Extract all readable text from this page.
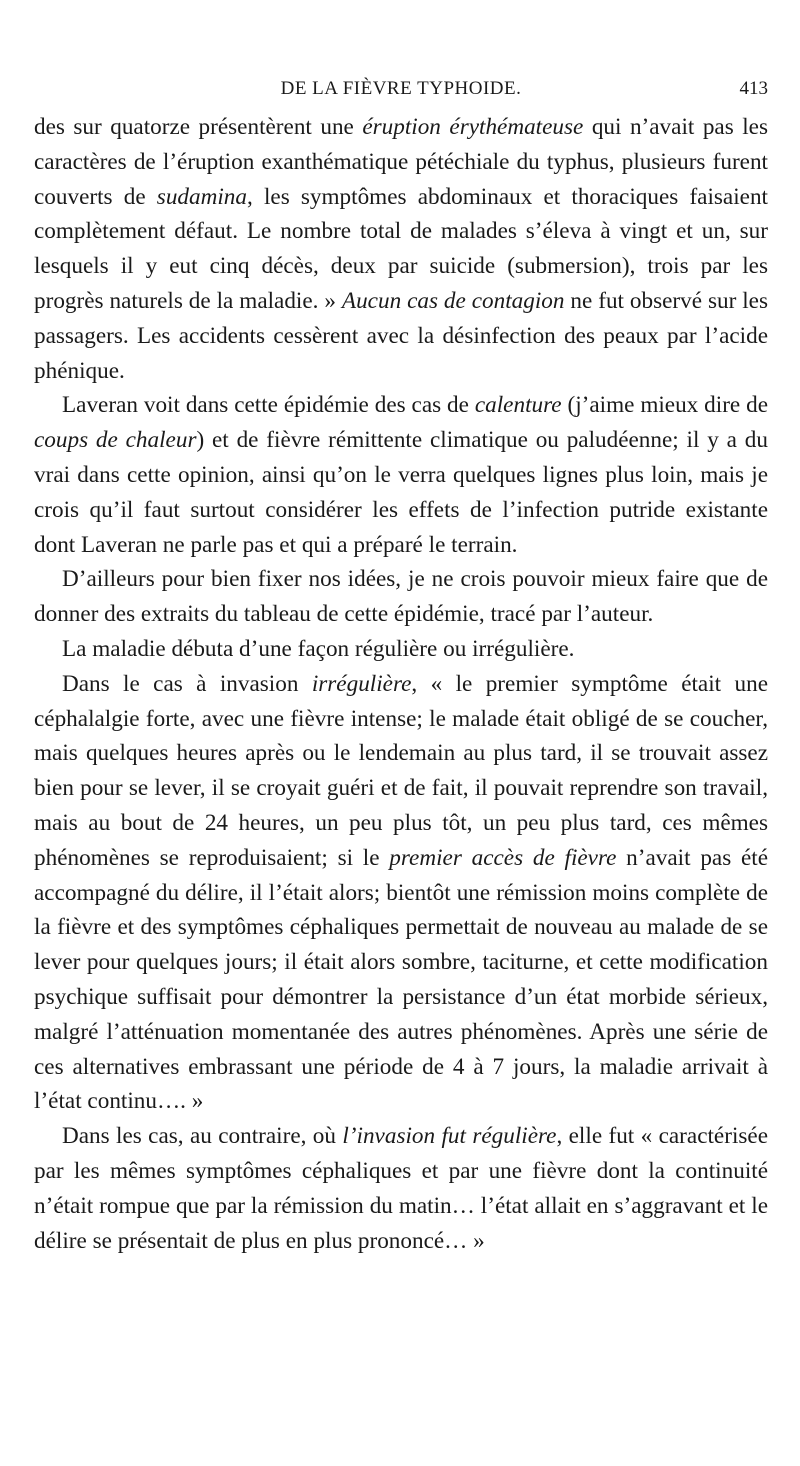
DE LA FIÈVRE TYPHOIDE.	413

des sur quatorze présentèrent une éruption érythémateuse qui n’avait pas les caractères de l’éruption exanthématique pétéchiale du typhus, plusieurs furent couverts de sudamina, les symptômes abdominaux et thoraciques faisaient complètement défaut. Le nombre total de malades s’éleva à vingt et un, sur lesquels il y eut cinq décès, deux par suicide (submersion), trois par les progrès naturels de la maladie. » Aucun cas de contagion ne fut observé sur les passagers. Les accidents cessèrent avec la désinfection des peaux par l’acide phénique.

Laveran voit dans cette épidémie des cas de calenture (j’aime mieux dire de coups de chaleur) et de fièvre rémittente climatique ou paludéenne; il y a du vrai dans cette opinion, ainsi qu’on le verra quelques lignes plus loin, mais je crois qu’il faut surtout considérer les effets de l’infection putride existante dont Laveran ne parle pas et qui a préparé le terrain.

D’ailleurs pour bien fixer nos idées, je ne crois pouvoir mieux faire que de donner des extraits du tableau de cette épidémie, tracé par l’auteur.

La maladie débuta d’une façon régulière ou irrégulière.

Dans le cas à invasion irrégulière, « le premier symptôme était une céphalalgie forte, avec une fièvre intense; le malade était obligé de se coucher, mais quelques heures après ou le lendemain au plus tard, il se trouvait assez bien pour se lever, il se croyait guéri et de fait, il pouvait reprendre son travail, mais au bout de 24 heures, un peu plus tôt, un peu plus tard, ces mêmes phénomènes se reproduisaient; si le premier accès de fièvre n’avait pas été accompagné du délire, il l’était alors; bientôt une rémission moins complète de la fièvre et des symptômes céphaliques permettait de nouveau au malade de se lever pour quelques jours; il était alors sombre, taciturne, et cette modification psychique suffisait pour démontrer la persistance d’un état morbide sérieux, malgré l’atténuation momentanée des autres phénomènes. Après une série de ces alternatives embrassant une période de 4 à 7 jours, la maladie arrivait à l’état continu…. »

Dans les cas, au contraire, où l’invasion fut régulière, elle fut « caractérisée par les mêmes symptômes céphaliques et par une fièvre dont la continuité n’était rompue que par la rémission du matin… l’état allait en s’aggravant et le délire se présentait de plus en plus prononcé… »
